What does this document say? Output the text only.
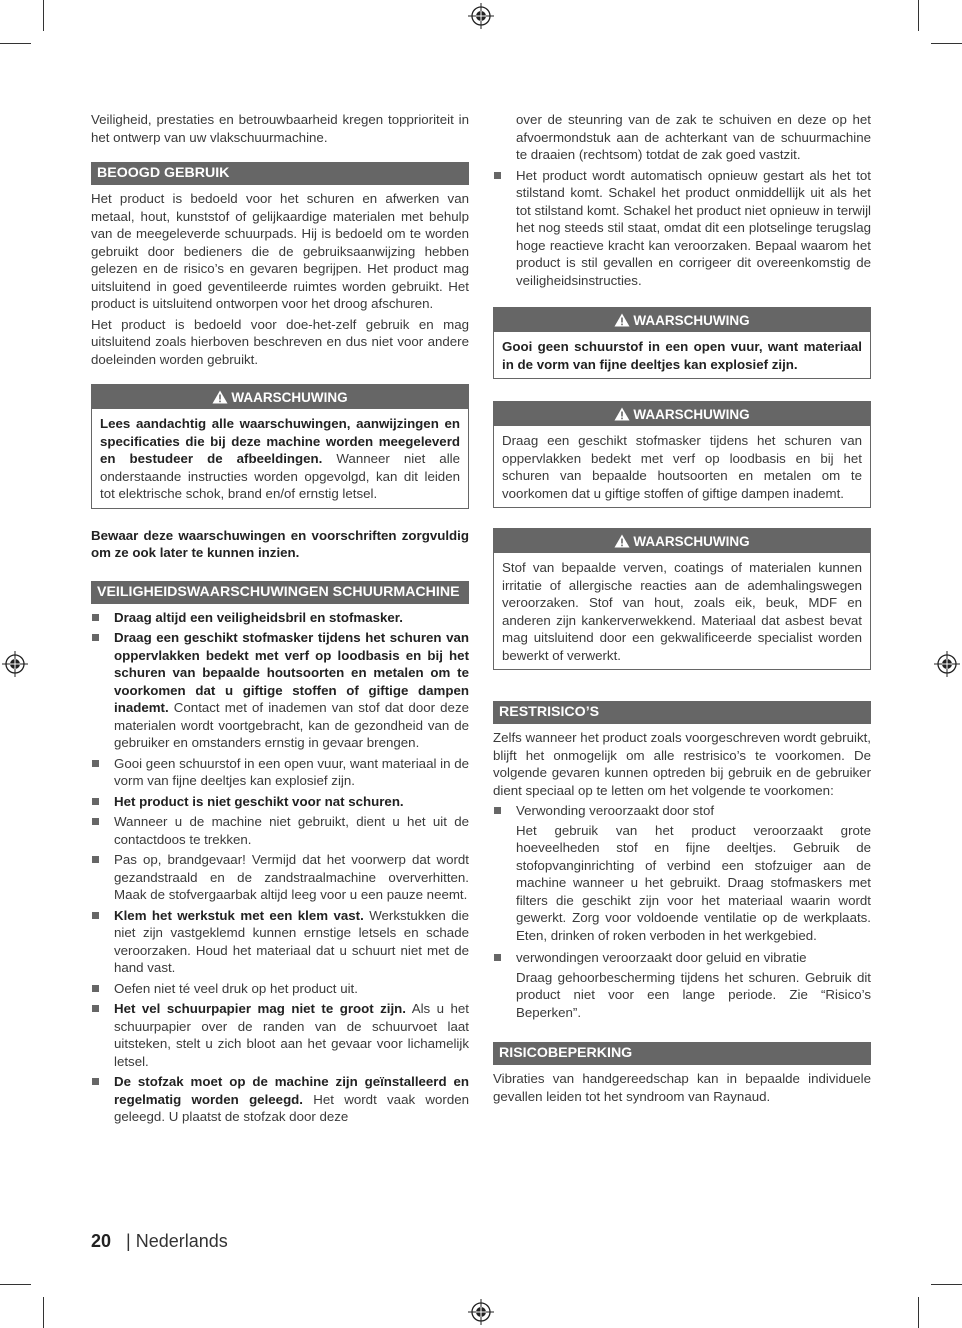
Veiligheid, prestaties en betrouwbaarheid kregen topprioriteit in het ontwerp van uw vlakschuurmachine.

BEOOGD GEBRUIK

Het product is bedoeld voor het schuren en afwerken van metaal, hout, kunststof of gelijkaardige materialen met behulp van de meegeleverde schuurpads. Hij is bedoeld om te worden gebruikt door bedieners die de gebruiksaanwijzing hebben gelezen en de risico’s en gevaren begrijpen. Het product mag uitsluitend in goed geventileerde ruimtes worden gebruikt. Het product is uitsluitend ontworpen voor het droog afschuren.

Het product is bedoeld voor doe-het-zelf gebruik en mag uitsluitend zoals hierboven beschreven en dus niet voor andere doeleinden worden gebruikt.

WAARSCHUWING

Lees aandachtig alle waarschuwingen, aanwijzingen en specificaties die bij deze machine worden meegeleverd en bestudeer de afbeeldingen. Wanneer niet alle onderstaande instructies worden opgevolgd, kan dit leiden tot elektrische schok, brand en/of ernstig letsel.

Bewaar deze waarschuwingen en voorschriften zorgvuldig om ze ook later te kunnen inzien.

VEILIGHEIDSWAARSCHUWINGEN SCHUURMACHINE
Draag altijd een veiligheidsbril en stofmasker.
Draag een geschikt stofmasker tijdens het schuren van oppervlakken bedekt met verf op loodbasis en bij het schuren van bepaalde houtsoorten en metalen om te voorkomen dat u giftige stoffen of giftige dampen inademt. Contact met of inademen van stof dat door deze materialen wordt voortgebracht, kan de gezondheid van de gebruiker en omstanders ernstig in gevaar brengen.
Gooi geen schuurstof in een open vuur, want materiaal in de vorm van fijne deeltjes kan explosief zijn.
Het product is niet geschikt voor nat schuren.
Wanneer u de machine niet gebruikt, dient u het uit de contactdoos te trekken.
Pas op, brandgevaar! Vermijd dat het voorwerp dat wordt gezandstraald en de zandstraalmachine oververhitten. Maak de stofvergaarbak altijd leeg voor u een pauze neemt.
Klem het werkstuk met een klem vast. Werkstukken die niet zijn vastgeklemd kunnen ernstige letsels en schade veroorzaken. Houd het materiaal dat u schuurt niet met de hand vast.
Oefen niet té veel druk op het product uit.
Het vel schuurpapier mag niet te groot zijn. Als u het schuurpapier over de randen van de schuurvoet laat uitsteken, stelt u zich bloot aan het gevaar voor lichamelijk letsel.
De stofzak moet op de machine zijn geïnstalleerd en regelmatig worden geleegd. Het wordt vaak worden geleegd. U plaatst de stofzak door deze
over de steunring van de zak te schuiven en deze op het afvoermondstuk aan de achterkant van de schuurmachine te draaien (rechtsom) totdat de zak goed vastzit.
Het product wordt automatisch opnieuw gestart als het tot stilstand komt. Schakel het product onmiddellijk uit als het tot stilstand komt. Schakel het product niet opnieuw in terwijl het nog steeds stil staat, omdat dit een plotselinge terugslag hoge reactieve kracht kan veroorzaken. Bepaal waarom het product is stil gevallen en corrigeer dit overeenkomstig de veiligheidsinstructies.
WAARSCHUWING

Gooi geen schuurstof in een open vuur, want materiaal in de vorm van fijne deeltjes kan explosief zijn.

WAARSCHUWING

Draag een geschikt stofmasker tijdens het schuren van oppervlakken bedekt met verf op loodbasis en bij het schuren van bepaalde houtsoorten en metalen om te voorkomen dat u giftige stoffen of giftige dampen inademt.

WAARSCHUWING

Stof van bepaalde verven, coatings of materialen kunnen irritatie of allergische reacties aan de ademhalingswegen veroorzaken. Stof van hout, zoals eik, beuk, MDF en anderen zijn kankerverwekkend. Materiaal dat asbest bevat mag uitsluitend door een gekwalificeerde specialist worden bewerkt of verwerkt.

RESTRISICO’S

Zelfs wanneer het product zoals voorgeschreven wordt gebruikt, blijft het onmogelijk om alle restrisico’s te voorkomen. De volgende gevaren kunnen optreden bij gebruik en de gebruiker dient speciaal op te letten om het volgende te voorkomen:

Verwonding veroorzaakt door stof
Het gebruik van het product veroorzaakt grote hoeveelheden stof en fijne deeltjes. Gebruik de stofopvanginrichting of verbind een stofzuiger aan de machine wanneer u het gebruikt. Draag stofmaskers met filters die geschikt zijn voor het materiaal waarin wordt gewerkt. Zorg voor voldoende ventilatie op de werkplaats. Eten, drinken of roken verboden in het werkgebied.
verwondingen veroorzaakt door geluid en vibratie
Draag gehoorbescherming tijdens het schuren. Gebruik dit product niet voor een lange periode. Zie “Risico’s Beperken”.
RISICOBEPERKING

Vibraties van handgereedschap kan in bepaalde individuele gevallen leiden tot het syndroom van Raynaud.

20 | Nederlands
